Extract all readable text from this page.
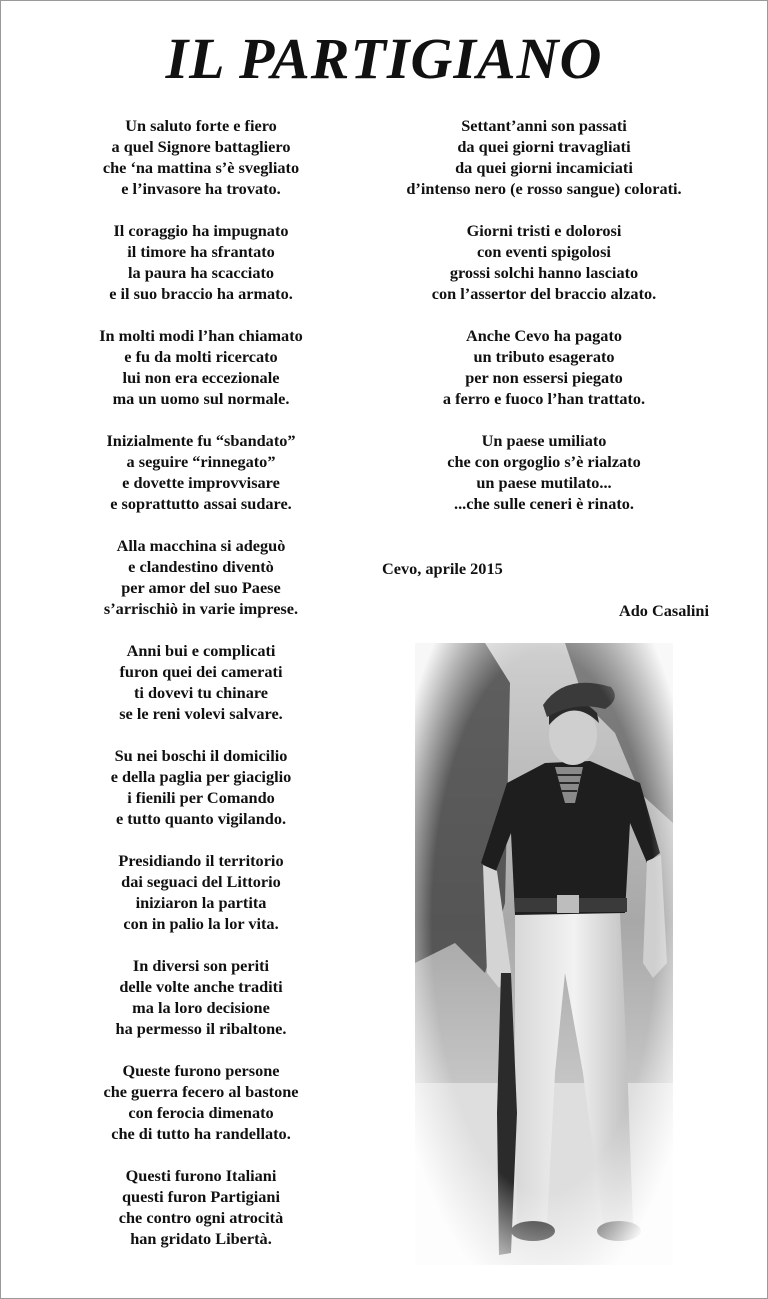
IL PARTIGIANO
Un saluto forte e fiero
a quel Signore battagliero
che ‘na mattina s’è svegliato
e l’invasore ha trovato.
Il coraggio ha impugnato
il timore ha sfrantato
la paura ha scacciato
e il suo braccio ha armato.
In molti modi l’han chiamato
e fu da molti ricercato
lui non era eccezionale
ma un uomo sul normale.
Inizialmente fu “sbandato”
a seguire “rinnegato”
e dovette improvvisare
e soprattutto assai sudare.
Alla macchina si adeguò
e clandestino diventò
per amor del suo Paese
s’arrischiò in varie imprese.
Anni bui e complicati
furon quei dei camerati
ti dovevi tu chinare
se le reni volevi salvare.
Su nei boschi il domicilio
e della paglia per giaciglio
i fienili per Comando
e tutto quanto vigilando.
Presidiando il territorio
dai seguaci del Littorio
iniziaron la partita
con in palio la lor vita.
In diversi son periti
delle volte anche traditi
ma la loro decisione
ha permesso il ribaltone.
Queste furono persone
che guerra fecero al bastone
con ferocia dimenato
che di tutto ha randellato.
Questi furono Italiani
questi furon Partigiani
che contro ogni atrocità
han gridato Libertà.
Settant’anni son passati
da quei giorni travagliati
da quei giorni incamiciati
d’intenso nero (e rosso sangue) colorati.
Giorni tristi e dolorosi
con eventi spigolosi
grossi solchi hanno lasciato
con l’assertor del braccio alzato.
Anche Cevo ha pagato
un tributo esagerato
per non essersi piegato
a ferro e fuoco l’han trattato.
Un paese umiliato
che con orgoglio s’è rialzato
un paese mutilato...
...che sulle ceneri è rinato.
Cevo, aprile 2015
Ado Casalini
